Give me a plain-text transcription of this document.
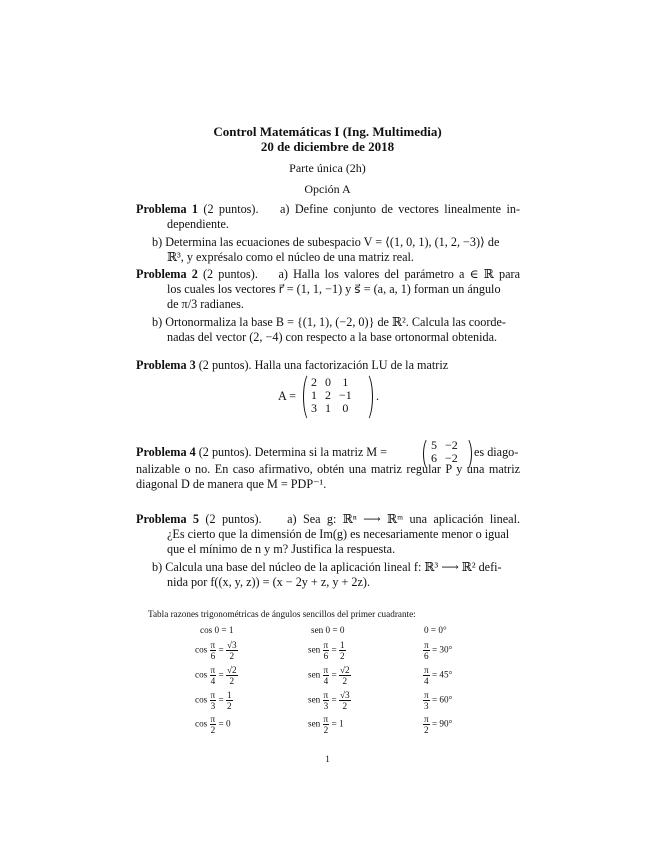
Control Matemáticas I (Ing. Multimedia)
20 de diciembre de 2018
Parte única (2h)
Opción A
Problema 1 (2 puntos). a) Define conjunto de vectores linealmente in-
dependiente.
b) Determina las ecuaciones de subespacio V = ⟨(1, 0, 1), (1, 2, −3)⟩ de
ℝ³, y exprésalo como el núcleo de una matriz real.
Problema 2 (2 puntos). a) Halla los valores del parámetro a ∈ ℝ para
los cuales los vectores r⃗ = (1, 1, −1) y s⃗ = (a, a, 1) forman un ángulo
de π/3 radianes.
b) Ortonormaliza la base B = {(1, 1), (−2, 0)} de ℝ². Calcula las coorde-
nadas del vector (2, −4) con respecto a la base ortonormal obtenida.
Problema 3 (2 puntos). Halla una factorización LU de la matriz
A =
2	0	1
1	2	−1
3	1	0
.
Problema 4 (2 puntos). Determina si la matriz M =	5	−2
6	−2 es diago-
nalizable o no. En caso afirmativo, obtén una matriz regular P y una matriz
diagonal D de manera que M = PDP⁻¹.
Problema 5 (2 puntos). a) Sea g: ℝⁿ ⟶ ℝᵐ una aplicación lineal.
¿Es cierto que la dimensión de Im(g) es necesariamente menor o igual
que el mínimo de n y m? Justifica la respuesta.
b) Calcula una base del núcleo de la aplicación lineal f: ℝ³ ⟶ ℝ² defi-
nida por f((x, y, z)) = (x − 2y + z, y + 2z).
Tabla razones trigonométricas de ángulos sencillos del primer cuadrante:
cos 0 = 1	sen 0 = 0	0 = 0°
$\cos \frac{\pi}{6} = \frac{√3}{2}$	sen $\frac{\pi}{6} = \frac{1}{2}$	$\frac{\pi}{6} = 30^\circ$
$\cos \frac{\pi}{4} = \frac{√2}{2}$	sen $\frac{\pi}{4} = \frac{√2}{2}$	$\frac{\pi}{4} = 45^\circ$
$\cos \frac{\pi}{3} = \frac{1}{2}$	sen $\frac{\pi}{3} = \frac{√3}{2}$	$\frac{\pi}{3} = 60^\circ$
$\cos \frac{\pi}{2} = 0$	sen $\frac{\pi}{2} = 1$	$\frac{\pi}{2} = 90^\circ$
1
